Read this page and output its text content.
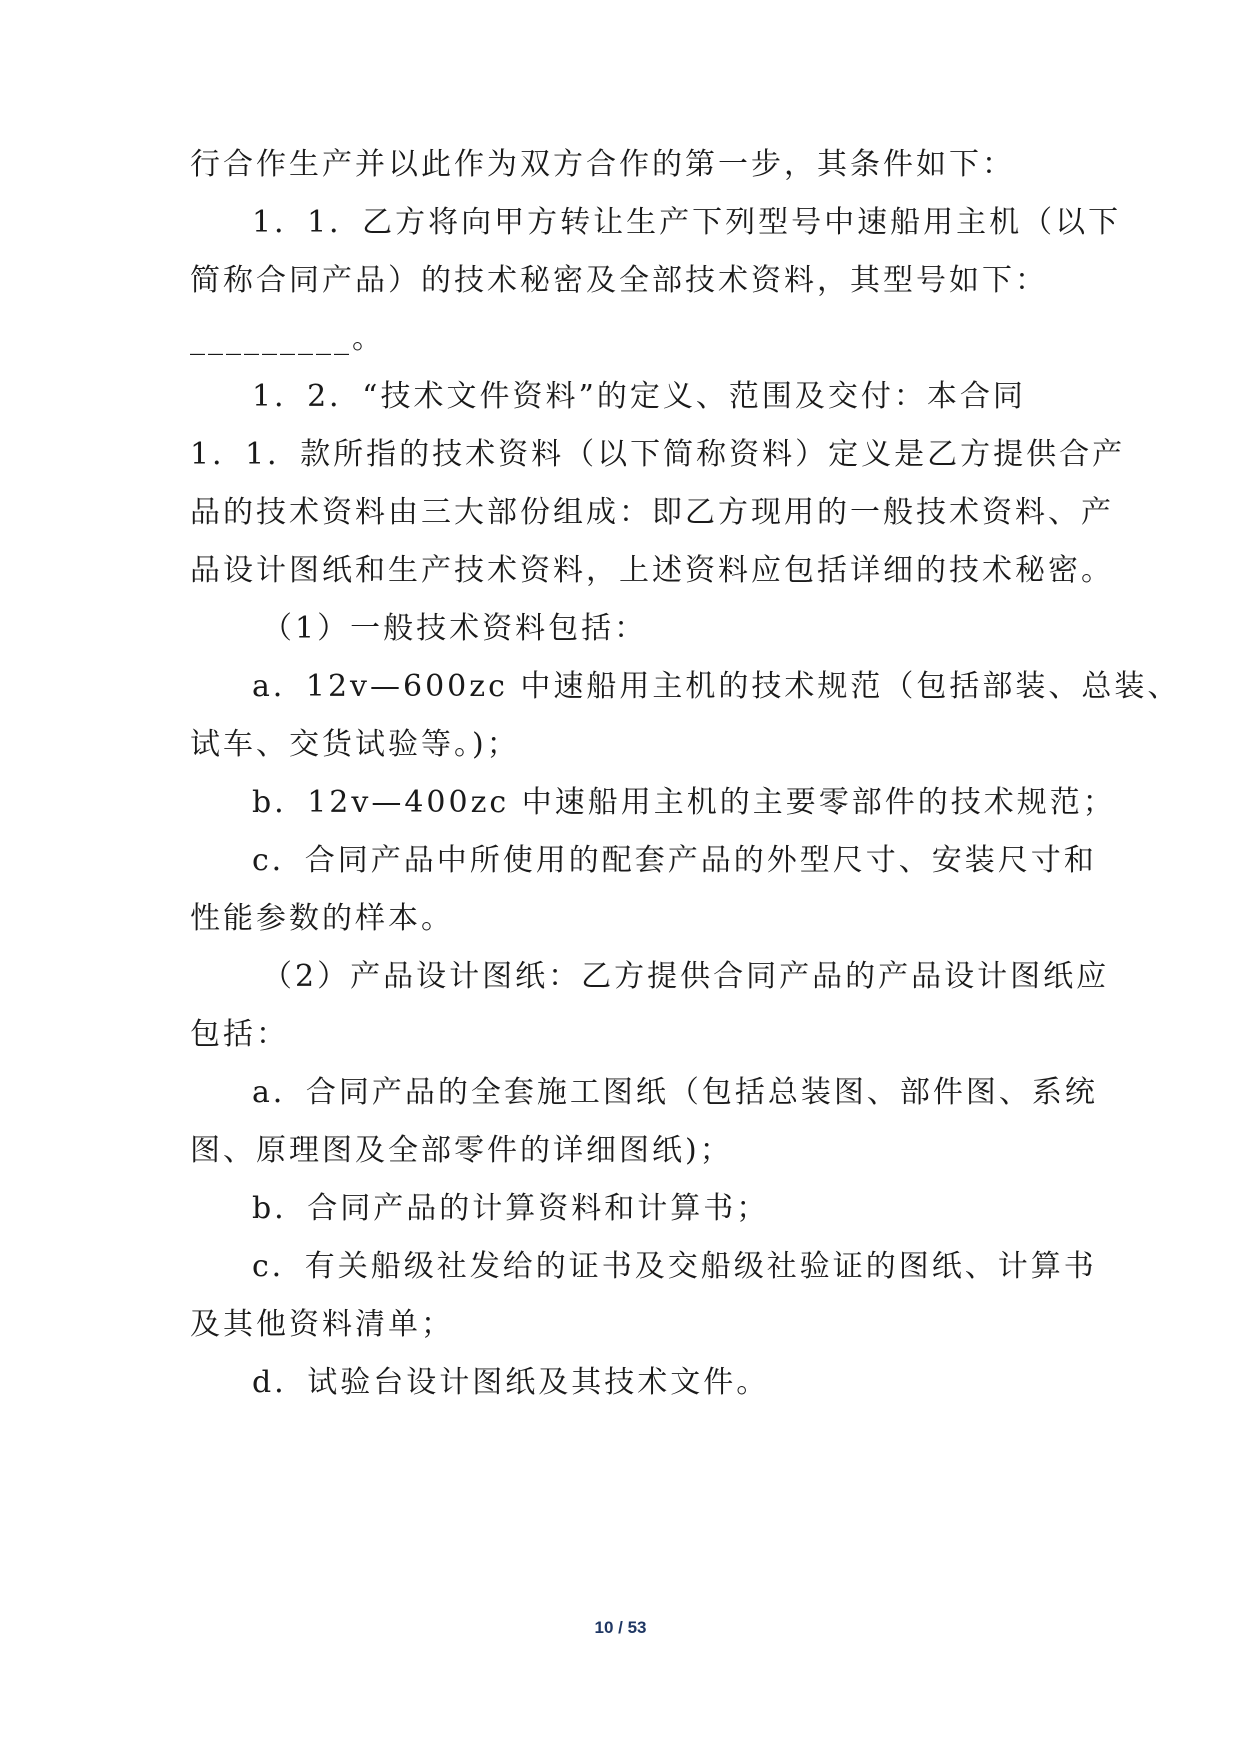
行合作生产并以此作为双方合作的第一步，其条件如下：
1．1．乙方将向甲方转让生产下列型号中速船用主机（以下
简称合同产品）的技术秘密及全部技术资料，其型号如下：
_________。
1．2．“技术文件资料”的定义、范围及交付：本合同
1．1．款所指的技术资料（以下简称资料）定义是乙方提供合产
品的技术资料由三大部份组成：即乙方现用的一般技术资料、产
品设计图纸和生产技术资料，上述资料应包括详细的技术秘密。
（1）一般技术资料包括：
a．12v—600zc 中速船用主机的技术规范（包括部装、总装、
试车、交货试验等。)；
b．12v—400zc 中速船用主机的主要零部件的技术规范；
c．合同产品中所使用的配套产品的外型尺寸、安装尺寸和
性能参数的样本。
（2）产品设计图纸：乙方提供合同产品的产品设计图纸应
包括：
a．合同产品的全套施工图纸（包括总装图、部件图、系统
图、原理图及全部零件的详细图纸)；
b．合同产品的计算资料和计算书；
c．有关船级社发给的证书及交船级社验证的图纸、计算书
及其他资料清单；
d．试验台设计图纸及其技术文件。
10 / 53
